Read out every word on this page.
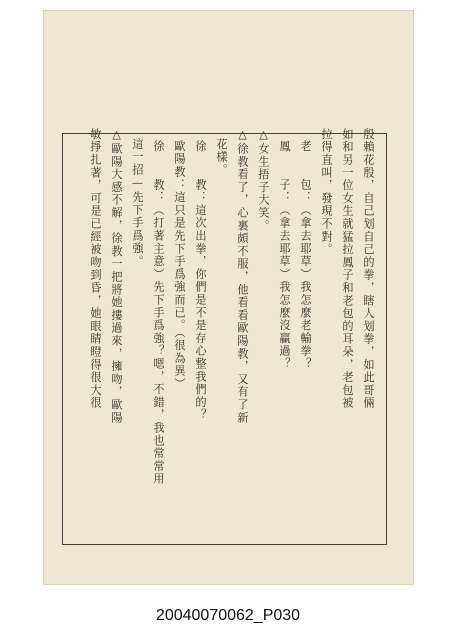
殷賴花殷，自己划自己的拳，瞎人划拳，如此哥倆
如和另一位女生就猛拉鳳子和老包的耳朵，老包被
拉得直叫，發現不對。
老　　包：（拿去耶草）我怎麼老輸拳？
鳳　　子：（拿去耶草）我怎麼沒贏過？
△女生捂子大笑。
△徐教看了，心裏頗不服，他看看歐陽教，又有了新
花樣。
徐　　教：這次出拳，你們是不是存心整我們的？
歐陽教：這只是先下手爲強而已。（很為異）
徐　　教：（打著主意）先下手爲強？嗯，不錯，我也常常用
這一招—先下手爲強。
△歐陽大感不解，徐教一把將她摟過來，擁吻，歐陽
敏掙扎著，可是已經被吻到昏，她眼睛瞪得很大很
20040070062_P030
